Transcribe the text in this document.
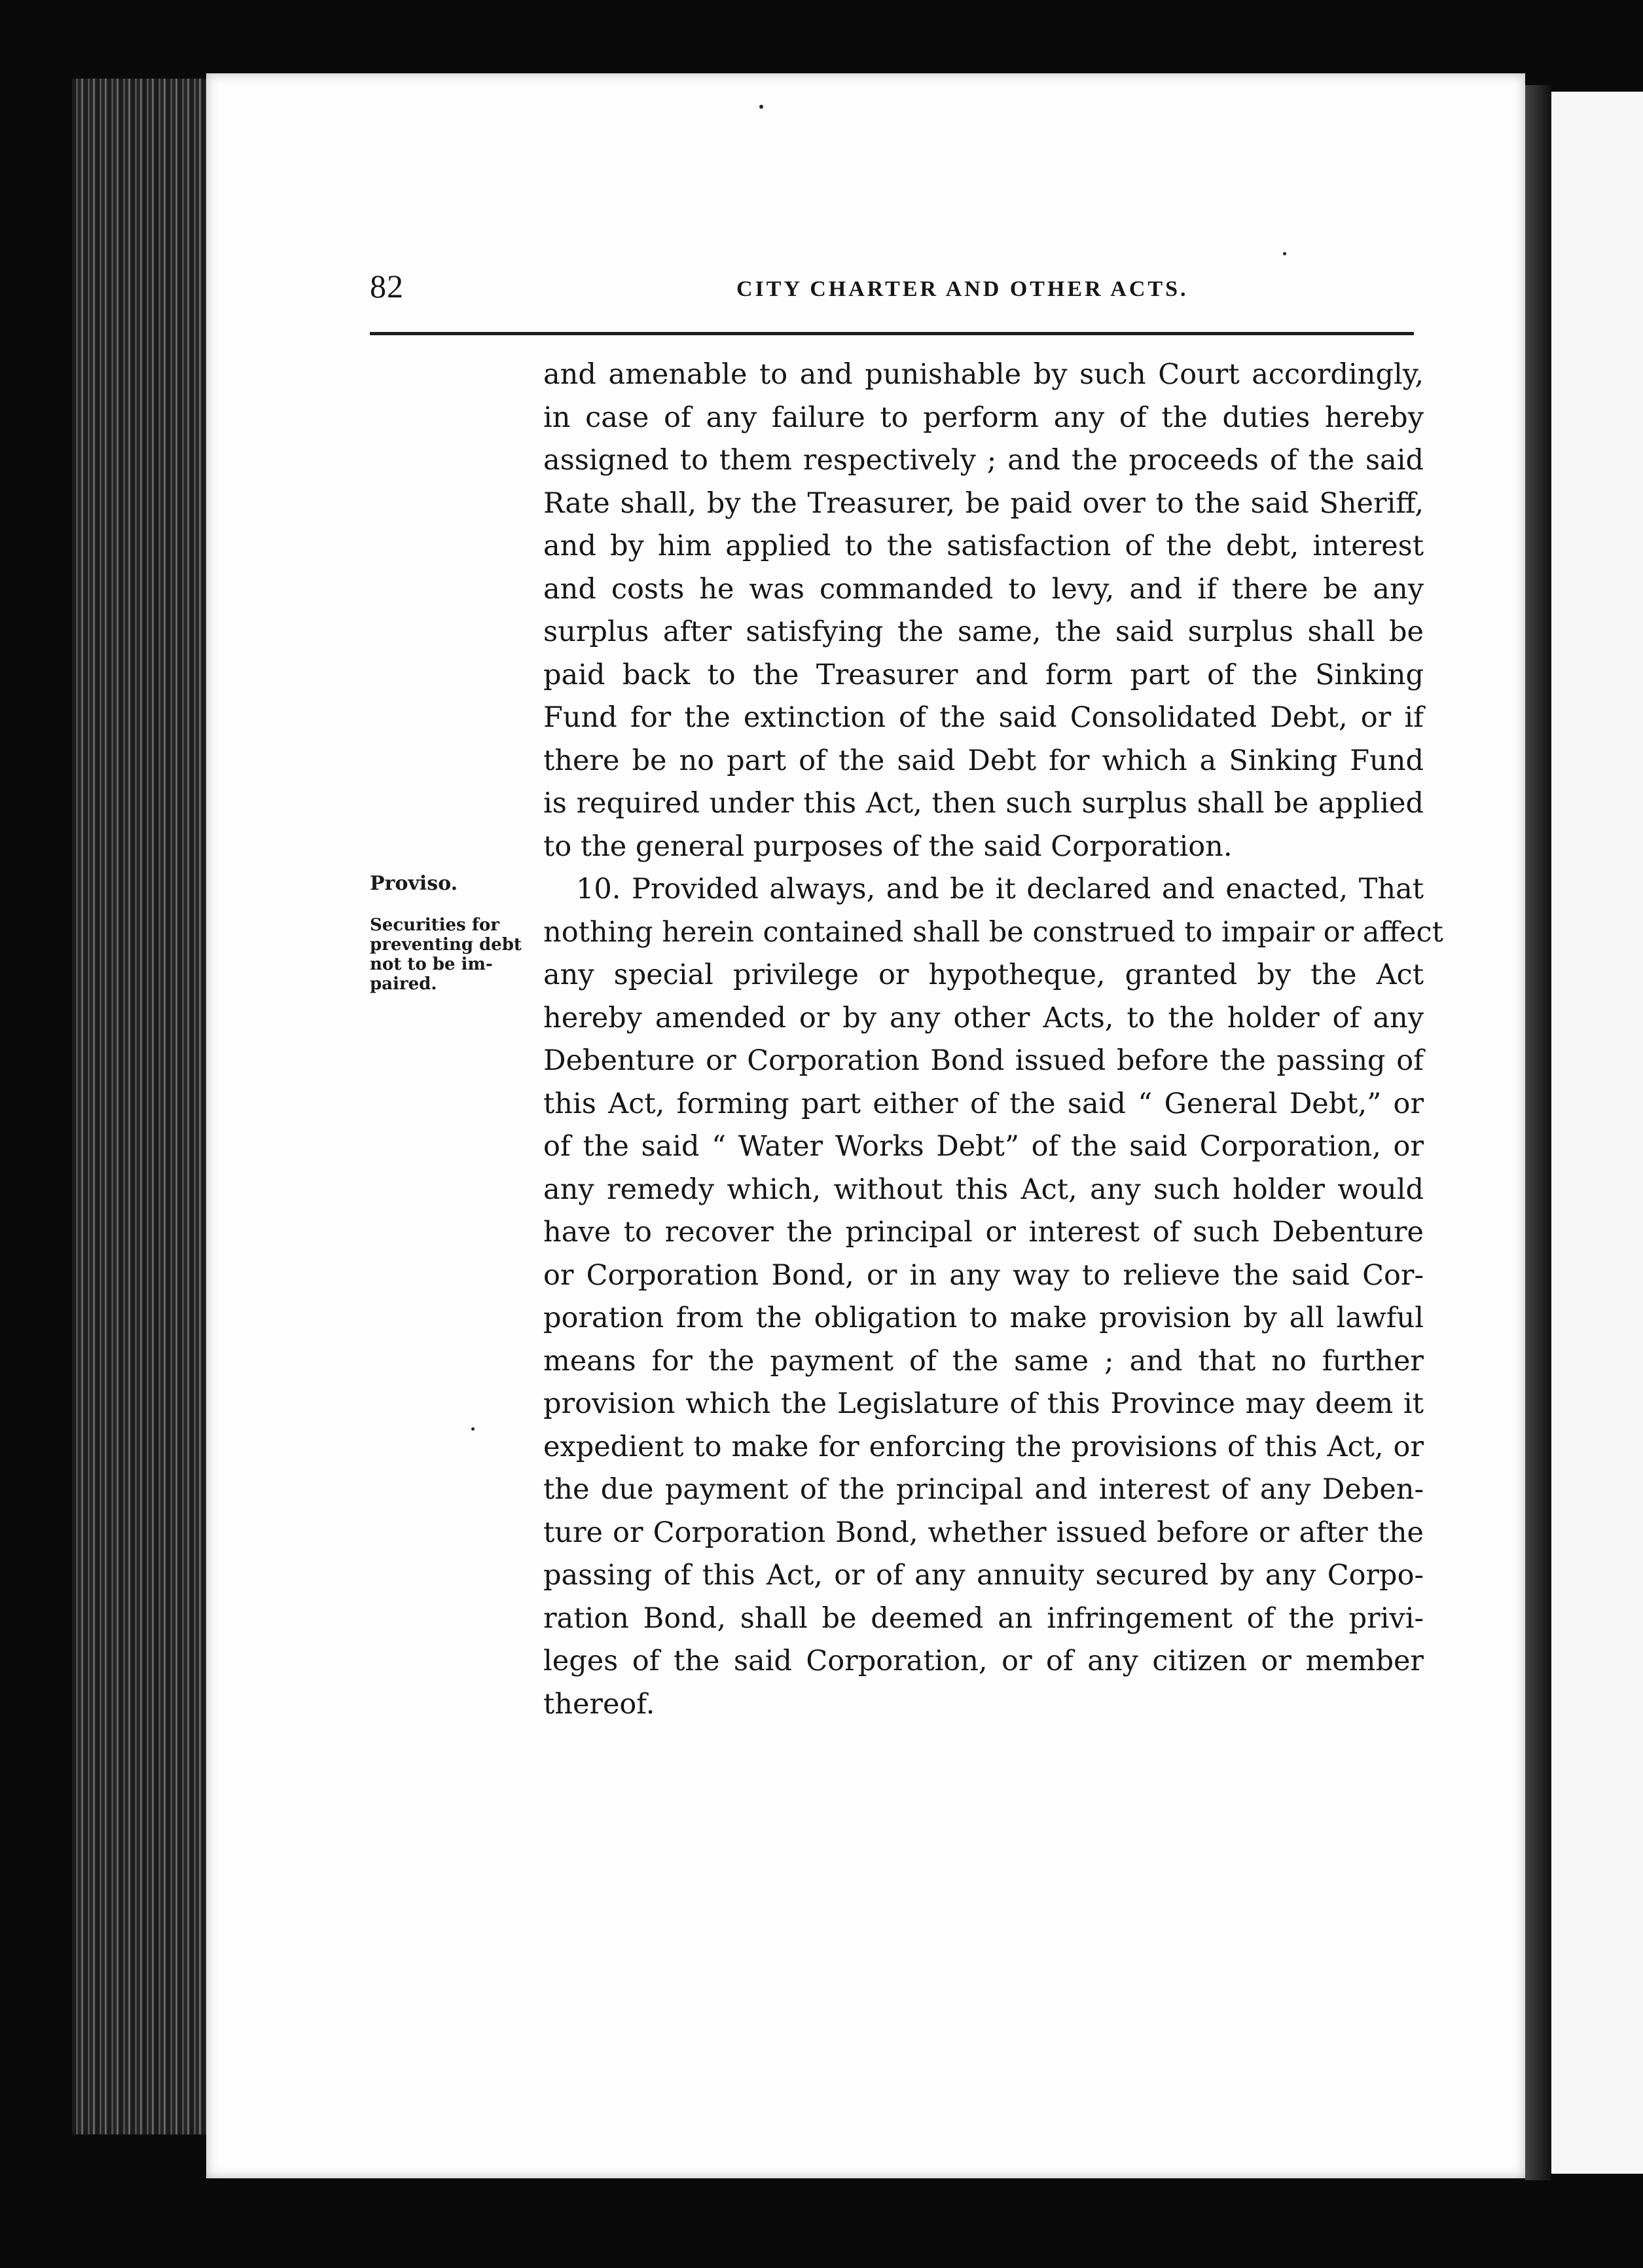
82	CITY CHARTER AND OTHER ACTS.
Proviso.
Securities for
preventing debt
not to be im-
paired.
and amenable to and punishable by such Court accordingly,
in case of any failure to perform any of the duties hereby
assigned to them respectively ; and the proceeds of the said
Rate shall, by the Treasurer, be paid over to the said Sheriff,
and by him applied to the satisfaction of the debt, interest
and costs he was commanded to levy, and if there be any
surplus after satisfying the same, the said surplus shall be
paid back to the Treasurer and form part of the Sinking
Fund for the extinction of the said Consolidated Debt, or if
there be no part of the said Debt for which a Sinking Fund
is required under this Act, then such surplus shall be applied
to the general purposes of the said Corporation.
10. Provided always, and be it declared and enacted, That
nothing herein contained shall be construed to impair or affect
any special privilege or hypotheque, granted by the Act
hereby amended or by any other Acts, to the holder of any
Debenture or Corporation Bond issued before the passing of
this Act, forming part either of the said “ General Debt,” or
of the said “ Water Works Debt” of the said Corporation, or
any remedy which, without this Act, any such holder would
have to recover the principal or interest of such Debenture
or Corporation Bond, or in any way to relieve the said Cor-
poration from the obligation to make provision by all lawful
means for the payment of the same ; and that no further
provision which the Legislature of this Province may deem it
expedient to make for enforcing the provisions of this Act, or
the due payment of the principal and interest of any Deben-
ture or Corporation Bond, whether issued before or after the
passing of this Act, or of any annuity secured by any Corpo-
ration Bond, shall be deemed an infringement of the privi-
leges of the said Corporation, or of any citizen or member
thereof.
